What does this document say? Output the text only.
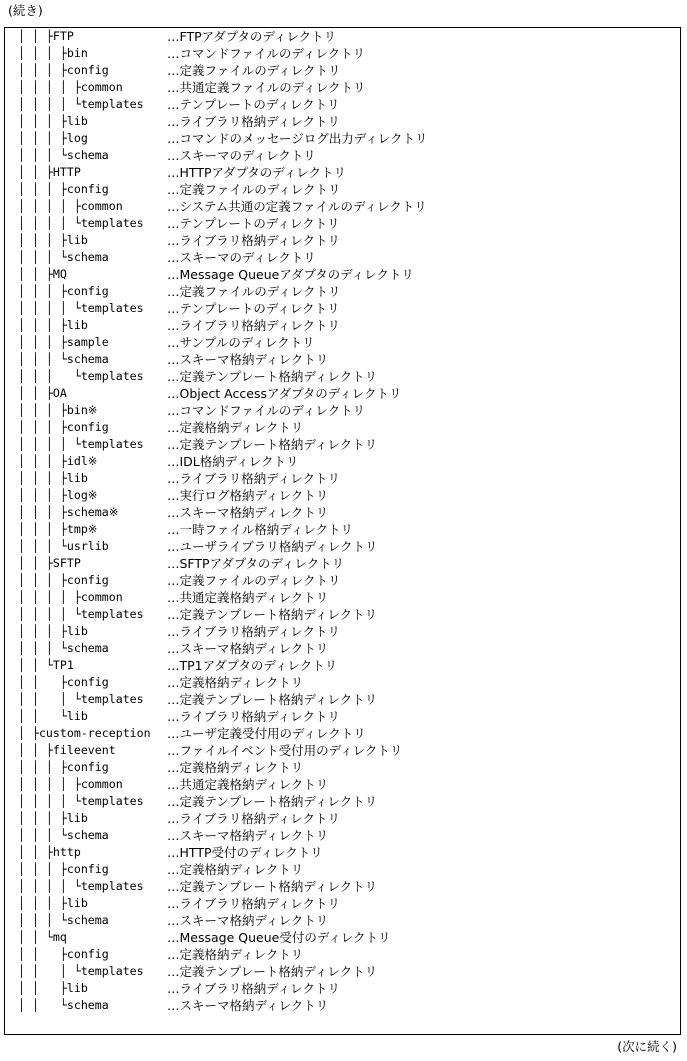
(続き)
│ │ ├FTP	…FTPアダプタのディレクトリ
│ │ │ ├bin	…コマンドファイルのディレクトリ
│ │ │ ├config	…定義ファイルのディレクトリ
│ │ │ │ ├common	…共通定義ファイルのディレクトリ
│ │ │ │ └templates …テンプレートのディレクトリ
│ │ │ ├lib	…ライブラリ格納ディレクトリ
│ │ │ ├log	…コマンドのメッセージログ出力ディレクトリ
│ │ │ └schema	…スキーマのディレクトリ
│ │ ├HTTP	…HTTPアダプタのディレクトリ
│ │ │ ├config	…定義ファイルのディレクトリ
│ │ │ │ ├common	…システム共通の定義ファイルのディレクトリ
│ │ │ │ └templates …テンプレートのディレクトリ
│ │ │ ├lib	…ライブラリ格納ディレクトリ
│ │ │ └schema	…スキーマのディレクトリ
│ │ ├MQ	…Message Queueアダプタのディレクトリ
│ │ │ ├config	…定義ファイルのディレクトリ
│ │ │ │ └templates …テンプレートのディレクトリ
│ │ │ ├lib	…ライブラリ格納ディレクトリ
│ │ │ ├sample	…サンプルのディレクトリ
│ │ │ └schema	…スキーマ格納ディレクトリ
│ │ │   └templates …定義テンプレート格納ディレクトリ
│ │ ├OA	…Object Accessアダプタのディレクトリ
│ │ │ ├bin※	…コマンドファイルのディレクトリ
│ │ │ ├config	…定義格納ディレクトリ
│ │ │ │ └templates …定義テンプレート格納ディレクトリ
│ │ │ ├idl※	…IDL格納ディレクトリ
│ │ │ ├lib	…ライブラリ格納ディレクトリ
│ │ │ ├log※	…実行ログ格納ディレクトリ
│ │ │ ├schema※	…スキーマ格納ディレクトリ
│ │ │ ├tmp※	…一時ファイル格納ディレクトリ
│ │ │ └usrlib	…ユーザライブラリ格納ディレクトリ
│ │ ├SFTP	…SFTPアダプタのディレクトリ
│ │ │ ├config	…定義ファイルのディレクトリ
│ │ │ │ ├common	…共通定義格納ディレクトリ
│ │ │ │ └templates …定義テンプレート格納ディレクトリ
│ │ │ ├lib	…ライブラリ格納ディレクトリ
│ │ │ └schema	…スキーマ格納ディレクトリ
│ │ └TP1	…TP1アダプタのディレクトリ
│ │   ├config	…定義格納ディレクトリ
│ │   │ └templates …定義テンプレート格納ディレクトリ
│ │   └lib	…ライブラリ格納ディレクトリ
│ ├custom-reception …ユーザ定義受付用のディレクトリ
│ │ ├fileevent	…ファイルイベント受付用のディレクトリ
│ │ │ ├config	…定義格納ディレクトリ
│ │ │ │ ├common	…共通定義格納ディレクトリ
│ │ │ │ └templates …定義テンプレート格納ディレクトリ
│ │ │ ├lib	…ライブラリ格納ディレクトリ
│ │ │ └schema	…スキーマ格納ディレクトリ
│ │ ├http	…HTTP受付のディレクトリ
│ │ │ ├config	…定義格納ディレクトリ
│ │ │ │ └templates …定義テンプレート格納ディレクトリ
│ │ │ ├lib	…ライブラリ格納ディレクトリ
│ │ │ └schema	…スキーマ格納ディレクトリ
│ │ └mq	…Message Queue受付のディレクトリ
│ │   ├config	…定義格納ディレクトリ
│ │   │ └templates …定義テンプレート格納ディレクトリ
│ │   ├lib	…ライブラリ格納ディレクトリ
│ │   └schema	…スキーマ格納ディレクトリ
(次に続く)
